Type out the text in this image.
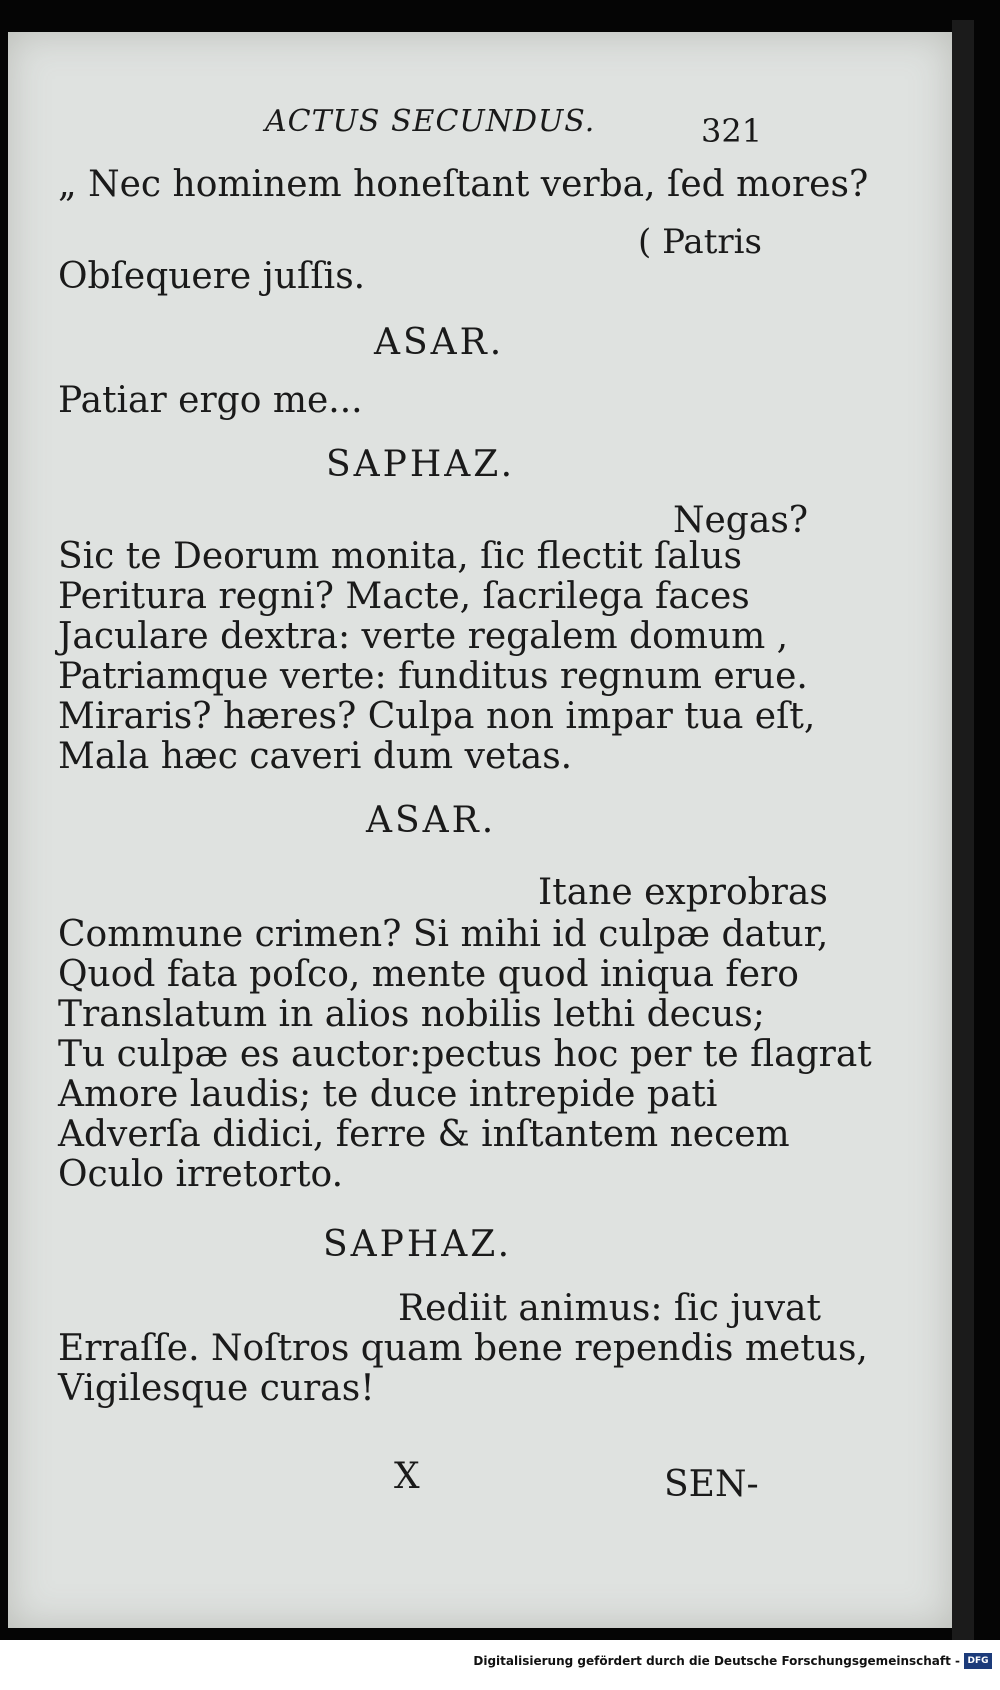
ACTUS SECUNDUS.	321
„ Nec hominem honeſtant verba, ſed mores?
( Patris
Obſequere juſſis.
ASAR.
Patiar ergo me...
SAPHAZ.
Negas?
Sic te Deorum monita, ſic flectit ſalus
Peritura regni? Macte, ſacrilega faces
Jaculare dextra: verte regalem domum ,
Patriamque verte: funditus regnum erue.
Miraris? hæres? Culpa non impar tua eſt,
Mala hæc caveri dum vetas.
ASAR.
Itane exprobras
Commune crimen? Si mihi id culpæ datur,
Quod fata poſco, mente quod iniqua fero
Translatum in alios nobilis lethi decus;
Tu culpæ es auctor:pectus hoc per te flagrat
Amore laudis; te duce intrepide pati
Adverſa didici, ferre & inſtantem necem
Oculo irretorto.
SAPHAZ.
Rediit animus: ſic juvat
Erraſſe. Noſtros quam bene rependis metus,
Vigilesque curas!
X	SEN-
Digitalisierung gefördert durch die Deutsche Forschungsgemeinschaft - DFG
